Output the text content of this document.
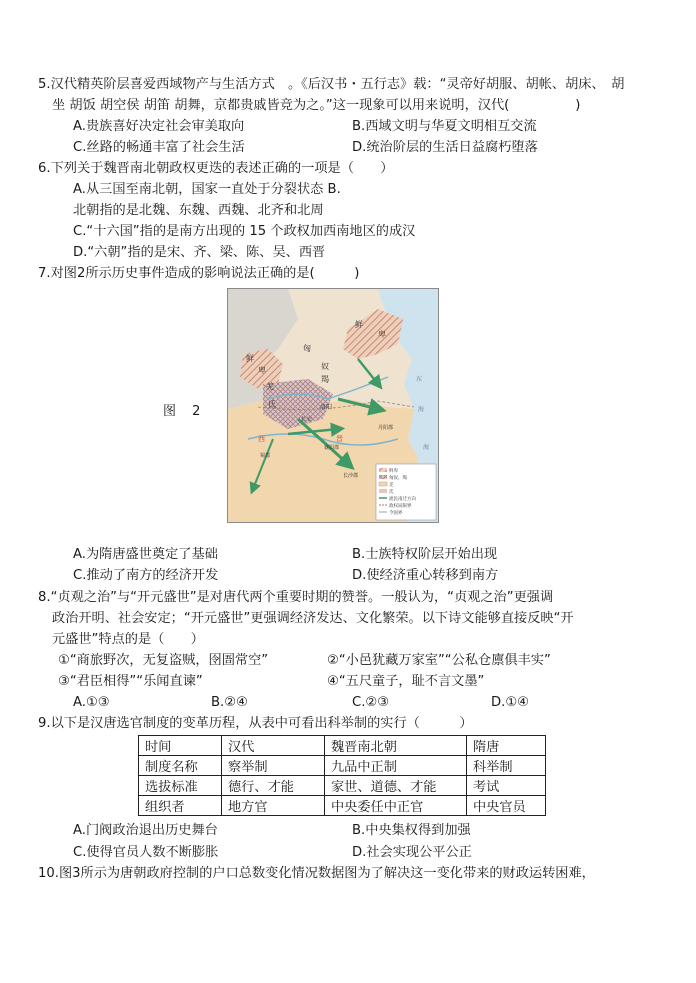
5.汉代精英阶层喜爱西域物产与生活方式　。《后汉书・五行志》载：“灵帝好胡服、胡帐、胡床、　胡
坐 胡饭 胡空侯 胡笛 胡舞，京都贵戚皆竞为之。”这一现象可以用来说明，汉代(　　　　　)
A.贵族喜好决定社会审美取向	B.西域文明与华夏文明相互交流
C.丝路的畅通丰富了社会生活	D.统治阶层的生活日益腐朽堕落
6.下列关于魏晋南北朝政权更迭的表述正确的一项是（　　）
A.从三国至南北朝，国家一直处于分裂状态 B.
北朝指的是北魏、东魏、西魏、北齐和北周
C.“十六国”指的是南方出现的 15 个政权加西南地区的成汉
D.“六朝”指的是宋、齐、梁、陈、吴、西晋
7.对图2所示历史事件造成的影响说法正确的是(　　　)
图 2
鲜卑
匈奴、羯
羌
氐
流民南迁方向
政权局限界
今国界
鲜
卑
匈
奴
羯
羌
氐
鲜
卑
洛阳
长安
西	晋
襄阳郡
丹阳郡
蜀郡
长沙郡
东
海
海
A.为隋唐盛世奠定了基础	B.士族特权阶层开始出现
C.推动了南方的经济开发	D.使经济重心转移到南方
8.“贞观之治”与“开元盛世”是对唐代两个重要时期的赞誉。一般认为，“贞观之治”更强调
政治开明、社会安定；“开元盛世”更强调经济发达、文化繁荣。以下诗文能够直接反映“开
元盛世”特点的是（　　）
①“商旅野次，无复盗贼，囹圄常空”	②“小邑犹藏万家室”“公私仓廪俱丰实”
③“君臣相得”“乐闻直谏”	④“五尺童子，耻不言文墨”
A.①③	B.②④	C.②③	D.①④
9.以下是汉唐选官制度的变革历程，从表中可看出科举制的实行（　　　）
时间	汉代	魏晋南北朝	隋唐
制度名称	察举制	九品中正制	科举制
选拔标准	德行、才能	家世、道德、才能	考试
组织者	地方官	中央委任中正官	中央官员
A.门阀政治退出历史舞台	B.中央集权得到加强
C.使得官员人数不断膨胀	D.社会实现公平公正
10.图3所示为唐朝政府控制的户口总数变化情况数据图为了解决这一变化带来的财政运转困难，
